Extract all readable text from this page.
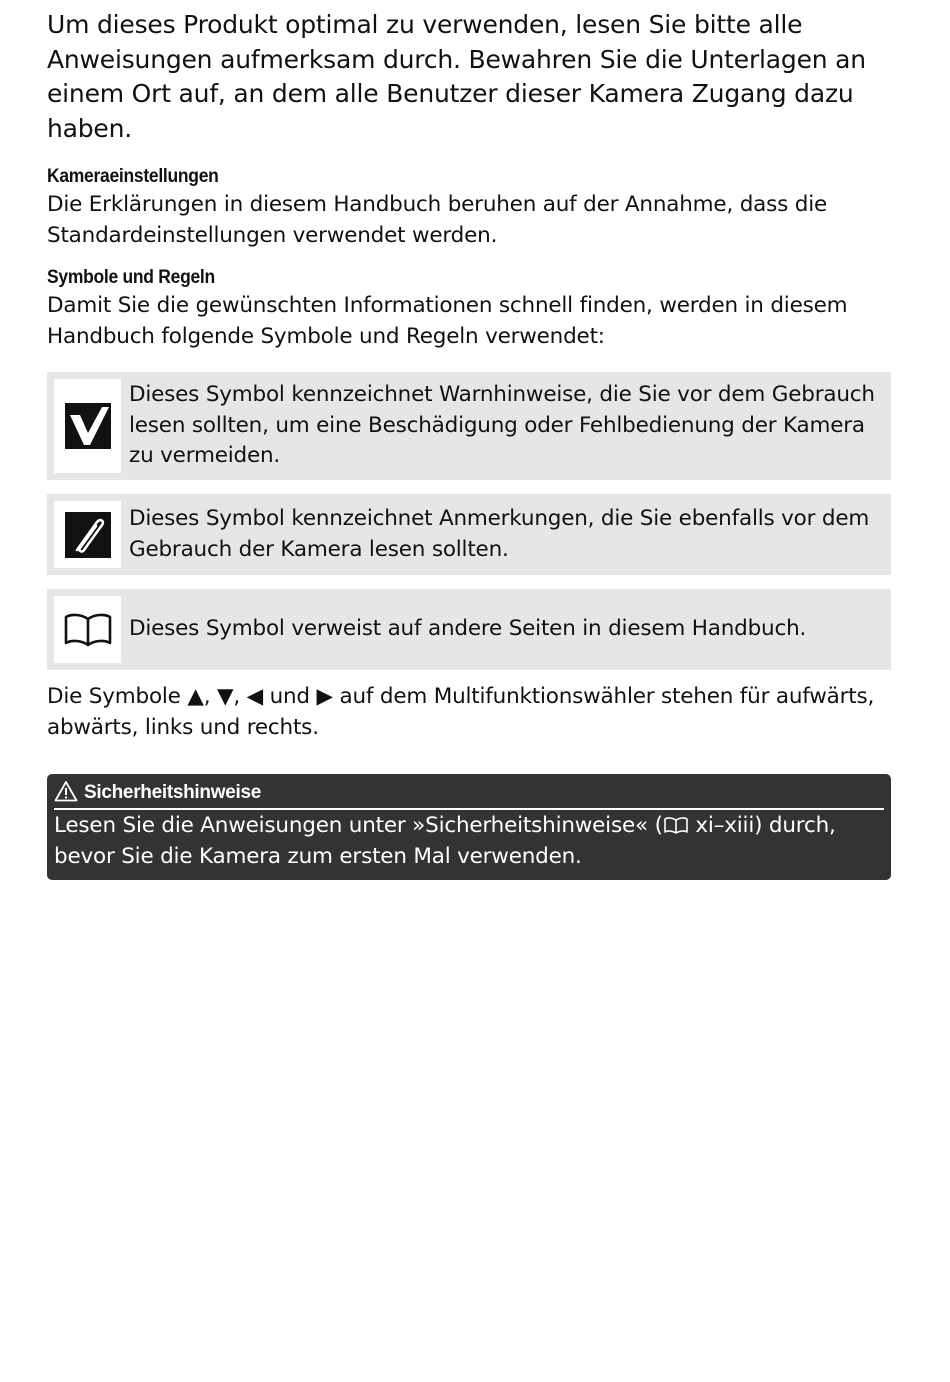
Um dieses Produkt optimal zu verwenden, lesen Sie bitte alle Anweisungen aufmerksam durch. Bewahren Sie die Unterlagen an einem Ort auf, an dem alle Benutzer dieser Kamera Zugang dazu haben.

Kameraeinstellungen

Die Erklärungen in diesem Handbuch beruhen auf der Annahme, dass die Standardeinstellungen verwendet werden.

Symbole und Regeln

Damit Sie die gewünschten Informationen schnell finden, werden in diesem Handbuch folgende Symbole und Regeln verwendet:

Dieses Symbol kennzeichnet Warnhinweise, die Sie vor dem Gebrauch lesen sollten, um eine Beschädigung oder Fehlbedienung der Kamera zu vermeiden.
Dieses Symbol kennzeichnet Anmerkungen, die Sie ebenfalls vor dem Gebrauch der Kamera lesen sollten.
Dieses Symbol verweist auf andere Seiten in diesem Handbuch.

Die Symbole ▲, ▼, ◀ und ▶ auf dem Multifunktionswähler stehen für aufwärts, abwärts, links und rechts.

Sicherheitshinweise
Lesen Sie die Anweisungen unter »Sicherheitshinweise« ( xi–xiii) durch, bevor Sie die Kamera zum ersten Mal verwenden.
